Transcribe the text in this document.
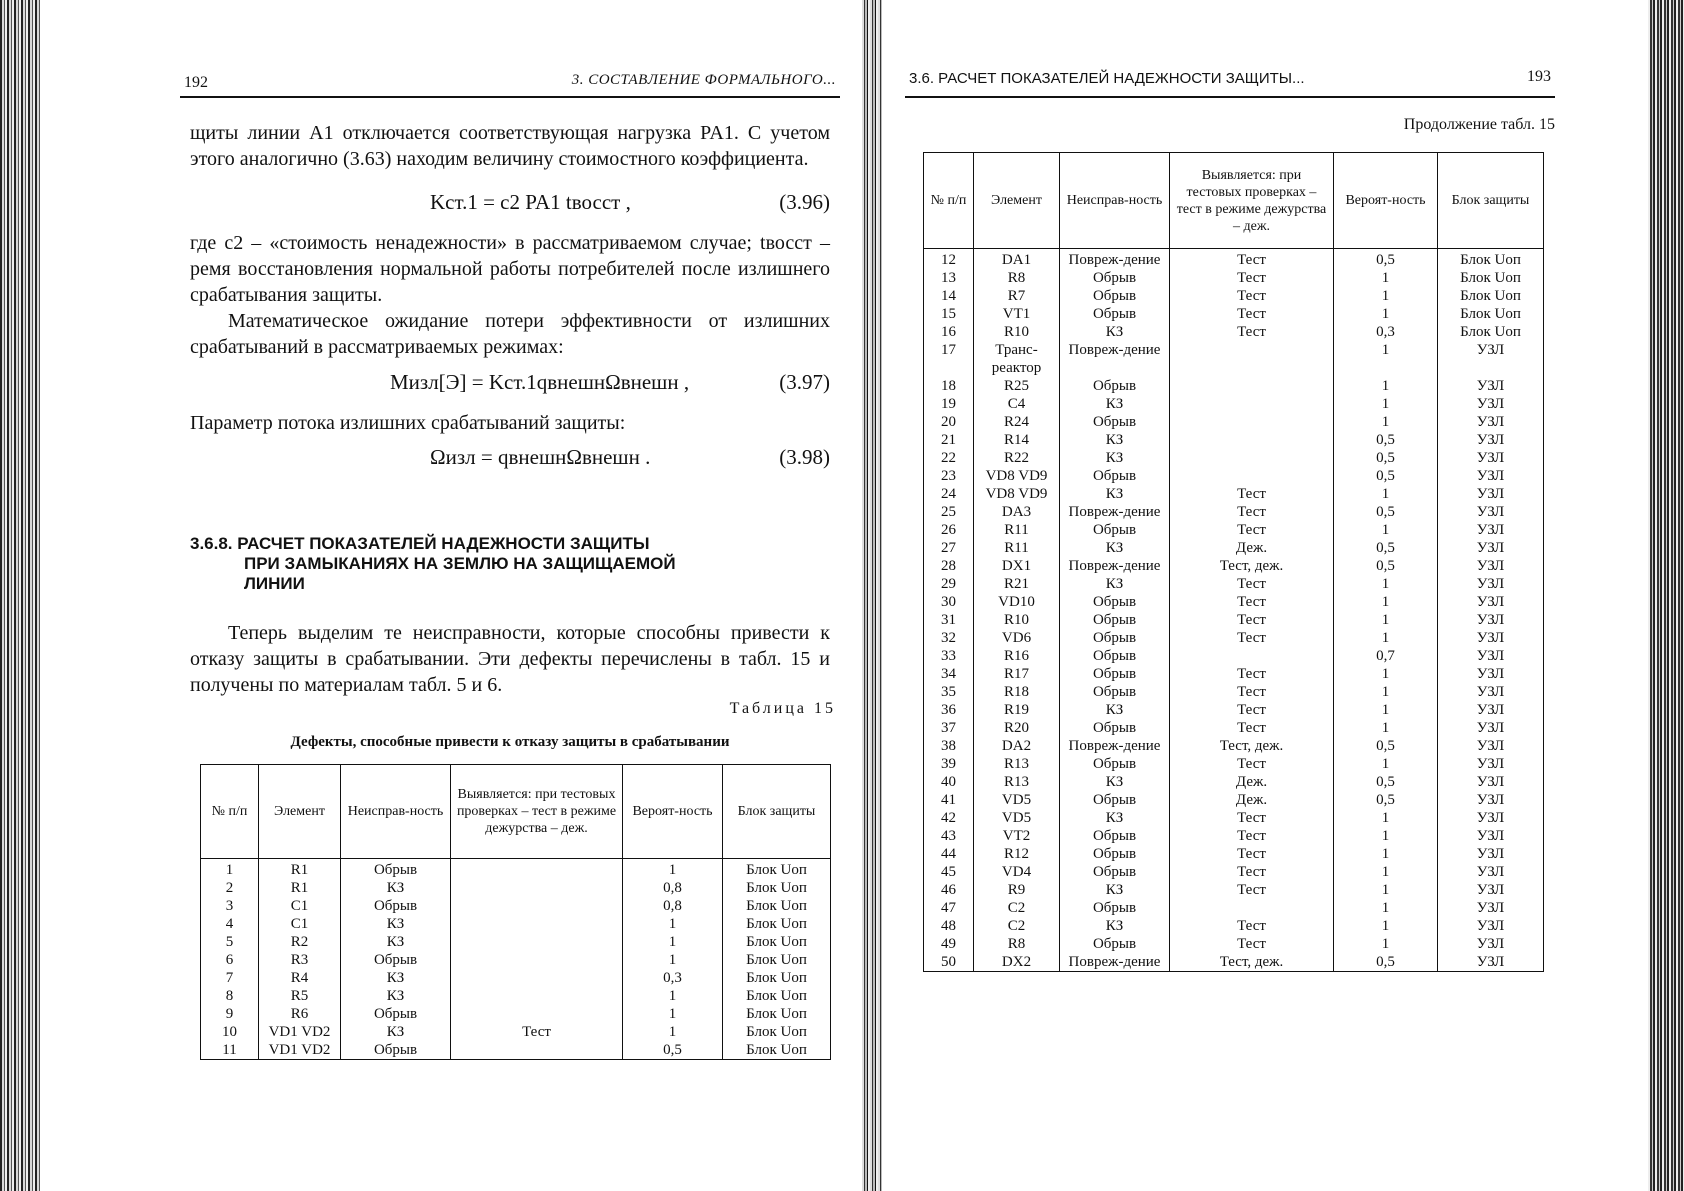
192	3. СОСТАВЛЕНИЕ ФОРМАЛЬНОГО...
щиты линии А1 отключается соответствующая нагрузка PA1. С учетом этого аналогично (3.63) находим величину стоимостного коэффициента.
Kст.1 = c2 PA1 tвосст ,	(3.96)
где c2 – «стоимость ненадежности» в рассматриваемом случае; tвосст – ремя восстановления нормальной работы потребителей после излишнего срабатывания защиты.
Математическое ожидание потери эффективности от излишних срабатываний в рассматриваемых режимах:
Mизл[Э] = Kст.1qвнешнΩвнешн ,	(3.97)
Параметр потока излишних срабатываний защиты:
Ωизл = qвнешнΩвнешн .	(3.98)
3.6.8. РАСЧЕТ ПОКАЗАТЕЛЕЙ НАДЕЖНОСТИ ЗАЩИТЫ
ПРИ ЗАМЫКАНИЯХ НА ЗЕМЛЮ НА ЗАЩИЩАЕМОЙ
ЛИНИИ
Теперь выделим те неисправности, которые способны привести к отказу защиты в срабатывании. Эти дефекты перечислены в табл. 15 и получены по материалам табл. 5 и 6.
Таблица 15
Дефекты, способные привести к отказу защиты в срабатывании
№ п/п	Элемент	Неисправ-ность	Выявляется: при тестовых проверках – тест в режиме дежурства – деж.	Вероят-ность	Блок защиты
1	R1	Обрыв		1	Блок Uоп
2	R1	КЗ		0,8	Блок Uоп
3	C1	Обрыв		0,8	Блок Uоп
4	C1	КЗ		1	Блок Uоп
5	R2	КЗ		1	Блок Uоп
6	R3	Обрыв		1	Блок Uоп
7	R4	КЗ		0,3	Блок Uоп
8	R5	КЗ		1	Блок Uоп
9	R6	Обрыв		1	Блок Uоп
10	VD1 VD2	КЗ	Тест	1	Блок Uоп
11	VD1 VD2	Обрыв		0,5	Блок Uоп
3.6. РАСЧЕТ ПОКАЗАТЕЛЕЙ НАДЕЖНОСТИ ЗАЩИТЫ...	193
Продолжение табл. 15
№ п/п	Элемент	Неисправ-ность	Выявляется: при тестовых проверках – тест в режиме дежурства – деж.	Вероят-ность	Блок защиты
12	DA1	Повреж-дение	Тест	0,5	Блок Uоп
13	R8	Обрыв	Тест	1	Блок Uоп
14	R7	Обрыв	Тест	1	Блок Uоп
15	VT1	Обрыв	Тест	1	Блок Uоп
16	R10	КЗ	Тест	0,3	Блок Uоп
17	Транс-реактор	Повреж-дение		1	УЗЛ
18	R25	Обрыв		1	УЗЛ
19	C4	КЗ		1	УЗЛ
20	R24	Обрыв		1	УЗЛ
21	R14	КЗ		0,5	УЗЛ
22	R22	КЗ		0,5	УЗЛ
23	VD8 VD9	Обрыв		0,5	УЗЛ
24	VD8 VD9	КЗ	Тест	1	УЗЛ
25	DA3	Повреж-дение	Тест	0,5	УЗЛ
26	R11	Обрыв	Тест	1	УЗЛ
27	R11	КЗ	Деж.	0,5	УЗЛ
28	DX1	Повреж-дение	Тест, деж.	0,5	УЗЛ
29	R21	КЗ	Тест	1	УЗЛ
30	VD10	Обрыв	Тест	1	УЗЛ
31	R10	Обрыв	Тест	1	УЗЛ
32	VD6	Обрыв	Тест	1	УЗЛ
33	R16	Обрыв		0,7	УЗЛ
34	R17	Обрыв	Тест	1	УЗЛ
35	R18	Обрыв	Тест	1	УЗЛ
36	R19	КЗ	Тест	1	УЗЛ
37	R20	Обрыв	Тест	1	УЗЛ
38	DA2	Повреж-дение	Тест, деж.	0,5	УЗЛ
39	R13	Обрыв	Тест	1	УЗЛ
40	R13	КЗ	Деж.	0,5	УЗЛ
41	VD5	Обрыв	Деж.	0,5	УЗЛ
42	VD5	КЗ	Тест	1	УЗЛ
43	VT2	Обрыв	Тест	1	УЗЛ
44	R12	Обрыв	Тест	1	УЗЛ
45	VD4	Обрыв	Тест	1	УЗЛ
46	R9	КЗ	Тест	1	УЗЛ
47	C2	Обрыв		1	УЗЛ
48	C2	КЗ	Тест	1	УЗЛ
49	R8	Обрыв	Тест	1	УЗЛ
50	DX2	Повреж-дение	Тест, деж.	0,5	УЗЛ
